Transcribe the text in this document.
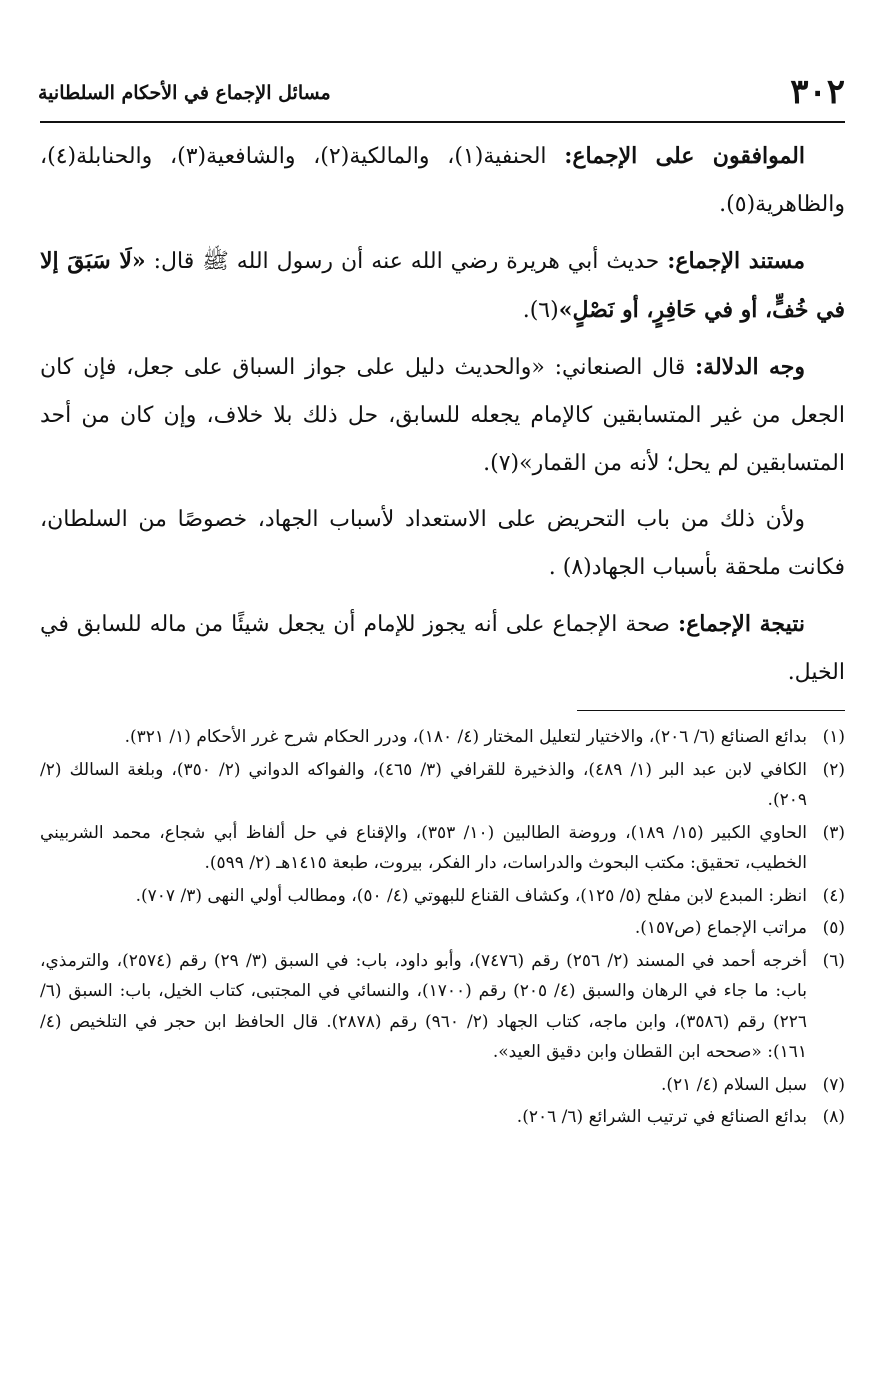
٣٠٢
مسائل الإجماع في الأحكام السلطانية

الموافقون على الإجماع: الحنفية(١)، والمالكية(٢)، والشافعية(٣)، والحنابلة(٤)، والظاهرية(٥).

مستند الإجماع: حديث أبي هريرة رضي الله عنه أن رسول الله ﷺ قال: «لَا سَبَقَ إلا في خُفٍّ، أو في حَافِرٍ، أو نَصْلٍ»(٦).

وجه الدلالة: قال الصنعاني: «والحديث دليل على جواز السباق على جعل، فإن كان الجعل من غير المتسابقين كالإمام يجعله للسابق، حل ذلك بلا خلاف، وإن كان من أحد المتسابقين لم يحل؛ لأنه من القمار»(٧).

ولأن ذلك من باب التحريض على الاستعداد لأسباب الجهاد، خصوصًا من السلطان، فكانت ملحقة بأسباب الجهاد(٨) .

نتيجة الإجماع: صحة الإجماع على أنه يجوز للإمام أن يجعل شيئًا من ماله للسابق في الخيل.

(١)
بدائع الصنائع (٦/ ٢٠٦)، والاختيار لتعليل المختار (٤/ ١٨٠)، ودرر الحكام شرح غرر الأحكام (١/ ٣٢١).
(٢)
الكافي لابن عبد البر (١/ ٤٨٩)، والذخيرة للقرافي (٣/ ٤٦٥)، والفواكه الدواني (٢/ ٣٥٠)، وبلغة السالك (٢/ ٢٠٩).
(٣)
الحاوي الكبير (١٥/ ١٨٩)، وروضة الطالبين (١٠/ ٣٥٣)، والإقناع في حل ألفاظ أبي شجاع، محمد الشربيني الخطيب، تحقيق: مكتب البحوث والدراسات، دار الفكر، بيروت، طبعة ١٤١٥هـ (٢/ ٥٩٩).
(٤)
انظر: المبدع لابن مفلح (٥/ ١٢٥)، وكشاف القناع للبهوتي (٤/ ٥٠)، ومطالب أولي النهى (٣/ ٧٠٧).
(٥)
مراتب الإجماع (ص١٥٧).
(٦)
أخرجه أحمد في المسند (٢/ ٢٥٦) رقم (٧٤٧٦)، وأبو داود، باب: في السبق (٣/ ٢٩) رقم (٢٥٧٤)، والترمذي، باب: ما جاء في الرهان والسبق (٤/ ٢٠٥) رقم (١٧٠٠)، والنسائي في المجتبى، كتاب الخيل، باب: السبق (٦/ ٢٢٦) رقم (٣٥٨٦)، وابن ماجه، كتاب الجهاد (٢/ ٩٦٠) رقم (٢٨٧٨). قال الحافظ ابن حجر في التلخيص (٤/ ١٦١): «صححه ابن القطان وابن دقيق العيد».
(٧)
سبل السلام (٤/ ٢١).
(٨)
بدائع الصنائع في ترتيب الشرائع (٦/ ٢٠٦).
